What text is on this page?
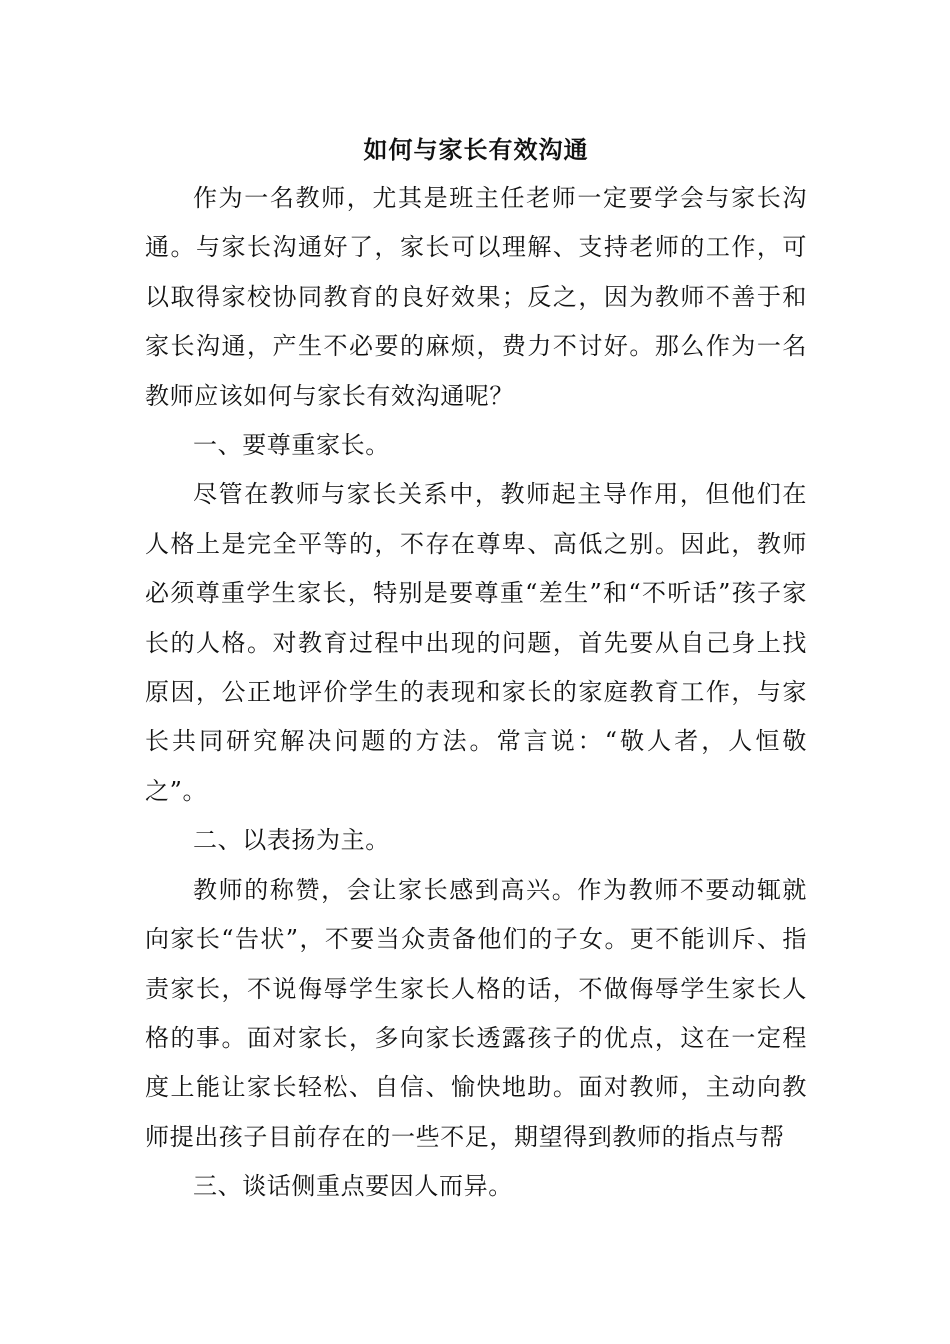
如何与家长有效沟通

作为一名教师，尤其是班主任老师一定要学会与家长沟通。与家长沟通好了，家长可以理解、支持老师的工作，可以取得家校协同教育的良好效果；反之，因为教师不善于和家长沟通，产生不必要的麻烦，费力不讨好。那么作为一名教师应该如何与家长有效沟通呢？

一、要尊重家长。

尽管在教师与家长关系中，教师起主导作用，但他们在人格上是完全平等的，不存在尊卑、高低之别。因此，教师必须尊重学生家长，特别是要尊重“差生”和“不听话”孩子家长的人格。对教育过程中出现的问题，首先要从自己身上找原因，公正地评价学生的表现和家长的家庭教育工作，与家长共同研究解决问题的方法。常言说：“敬人者，人恒敬之”。

二、以表扬为主。

教师的称赞，会让家长感到高兴。作为教师不要动辄就向家长“告状”，不要当众责备他们的子女。更不能训斥、指责家长，不说侮辱学生家长人格的话，不做侮辱学生家长人格的事。面对家长，多向家长透露孩子的优点，这在一定程度上能让家长轻松、自信、愉快地助。面对教师，主动向教师提出孩子目前存在的一些不足，期望得到教师的指点与帮

三、谈话侧重点要因人而异。
